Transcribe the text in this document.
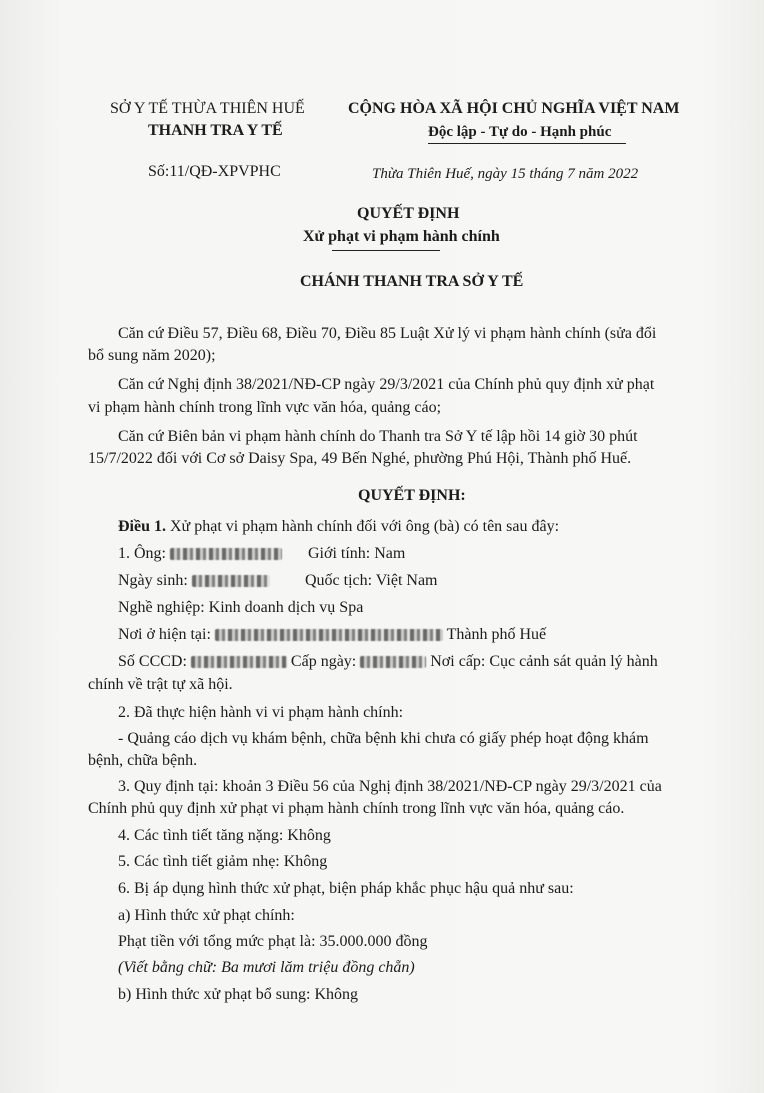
SỞ Y TẾ THỪA THIÊN HUẾ
THANH TRA Y TẾ
Số:11/QĐ-XPVPHC
CỘNG HÒA XÃ HỘI CHỦ NGHĨA VIỆT NAM
Độc lập - Tự do - Hạnh phúc
Thừa Thiên Huế, ngày 15 tháng 7 năm 2022
QUYẾT ĐỊNH
Xử phạt vi phạm hành chính
CHÁNH THANH TRA SỞ Y TẾ
Căn cứ Điều 57, Điều 68, Điều 70, Điều 85 Luật Xử lý vi phạm hành chính (sửa đổi
bổ sung năm 2020);
Căn cứ Nghị định 38/2021/NĐ-CP ngày 29/3/2021 của Chính phủ quy định xử phạt
vi phạm hành chính trong lĩnh vực văn hóa, quảng cáo;
Căn cứ Biên bản vi phạm hành chính do Thanh tra Sở Y tế lập hồi 14 giờ 30 phút
15/7/2022 đối với Cơ sở Daisy Spa, 49 Bến Nghé, phường Phú Hội, Thành phố Huế.
QUYẾT ĐỊNH:
Điều 1. Xử phạt vi phạm hành chính đối với ông (bà) có tên sau đây:
1. Ông:	Giới tính: Nam
Ngày sinh:	Quốc tịch: Việt Nam
Nghề nghiệp: Kinh doanh dịch vụ Spa
Nơi ở hiện tại:	Thành phố Huế
Số CCCD:	Cấp ngày:	Nơi cấp: Cục cảnh sát quản lý hành
chính về trật tự xã hội.
2. Đã thực hiện hành vi vi phạm hành chính:
- Quảng cáo dịch vụ khám bệnh, chữa bệnh khi chưa có giấy phép hoạt động khám
bệnh, chữa bệnh.
3. Quy định tại: khoản 3 Điều 56 của Nghị định 38/2021/NĐ-CP ngày 29/3/2021 của
Chính phủ quy định xử phạt vi phạm hành chính trong lĩnh vực văn hóa, quảng cáo.
4. Các tình tiết tăng nặng: Không
5. Các tình tiết giảm nhẹ: Không
6. Bị áp dụng hình thức xử phạt, biện pháp khắc phục hậu quả như sau:
a) Hình thức xử phạt chính:
Phạt tiền với tổng mức phạt là: 35.000.000 đồng
(Viết bằng chữ: Ba mươi lăm triệu đồng chẵn)
b) Hình thức xử phạt bổ sung: Không
